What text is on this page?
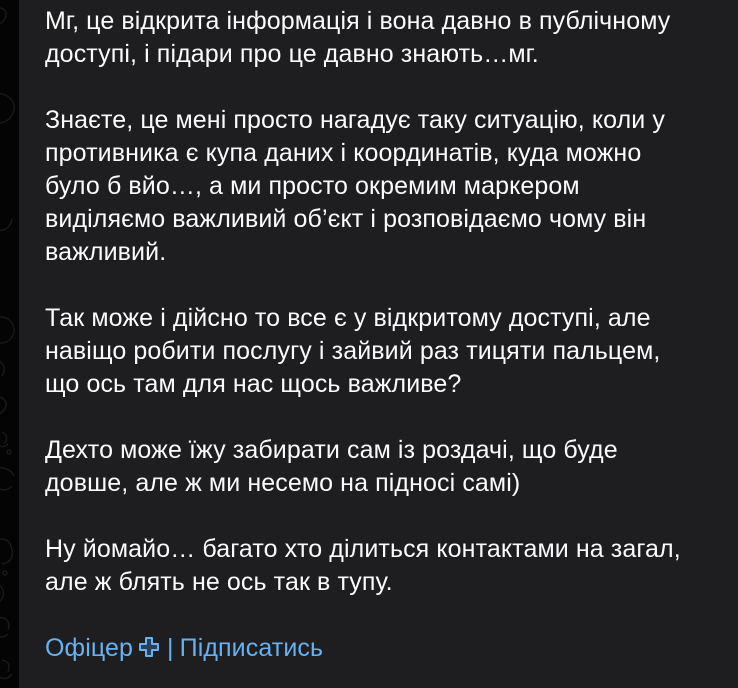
Мг, це відкрита інформація і вона давно в публічному
доступі, і підари про це давно знають…мг.
Знаєте, це мені просто нагадує таку ситуацію, коли у
противника є купа даних і координатів, куда можно
було б вйо…, а ми просто окремим маркером
виділяємо важливий об’єкт і розповідаємо чому він
важливий.
Так може і дійсно то все є у відкритому доступі, але
навіщо робити послугу і зайвий раз тицяти пальцем,
що ось там для нас щось важливе?
Дехто може їжу забирати сам із роздачі, що буде
довше, але ж ми несемо на підносі самі)
Ну йомайо… багато хто ділиться контактами на загал,
але ж блять не ось так в тупу.
Офіцер | Підписатись
